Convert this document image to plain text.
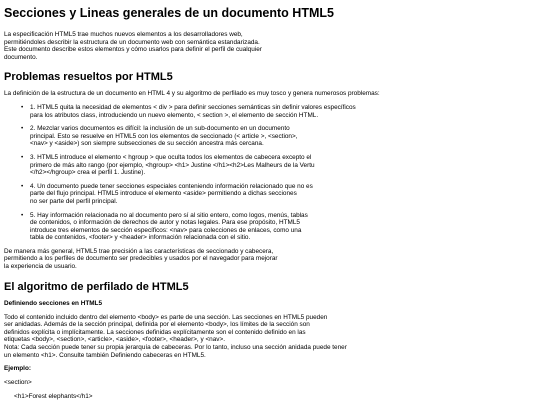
Secciones y Lineas generales de un documento HTML5

La especificación HTML5 trae muchos nuevos elementos a los desarrolladores web,
permitiéndoles describir la estructura de un documento web con semántica estandarizada.
Este documento describe estos elementos y cómo usarlos para definir el perfil de cualquier
documento.

Problemas resueltos por HTML5

La definición de la estructura de un documento en HTML 4 y su algoritmo de perfilado es muy tosco y genera numerosos problemas:

• 1. HTML5 quita la necesidad de elementos < div > para definir secciones semánticas sin definir valores específicos
para los atributos class, introduciendo un nuevo elemento, < section >, el elemento de sección HTML.
• 2. Mezclar varios documentos es difícil: la inclusión de un sub-documento en un documento
principal. Esto se resuelve en HTML5 con los elementos de seccionado (< article >, <section>,
<nav> y <aside>) son siempre subsecciones de su sección ancestra más cercana.
• 3. HTML5 introduce el elemento < hgroup > que oculta todos los elementos de cabecera excepto el
primero de más alto rango (por ejemplo, <hgroup> <h1> Justine </h1><h2>Les Malheurs de la Vertu
</h2></hgroup> crea el perfil 1. Justine).
• 4. Un documento puede tener secciones especiales conteniendo información relacionado que no es
parte del flujo principal. HTML5 introduce el elemento <aside> permitiendo a dichas secciones
no ser parte del perfil principal.
• 5. Hay información relacionada no al documento pero sí al sitio entero, como logos, menús, tablas
de contenidos, o información de derechos de autor y notas legales. Para ese propósito, HTML5
introduce tres elementos de sección específicos: <nav> para colecciones de enlaces, como una
tabla de contenidos, <footer> y <header> información relacionada con el sitio.

De manera más general, HTML5 trae precisión a las características de seccionado y cabecera,
permitiendo a los perfiles de documento ser predecibles y usados por el navegador para mejorar
la experiencia de usuario.

El algoritmo de perfilado de HTML5
Definiendo secciones en HTML5

Todo el contenido incluido dentro del elemento <body> es parte de una sección. Las secciones en HTML5 pueden
ser anidadas. Además de la sección principal, definida por el elemento <body>, los límites de la sección son
definidos explícita o implícitamente. La secciones definidas explícitamente son el contenido definido en las
etiquetas <body>, <section>, <article>, <aside>, <footer>, <header>, y <nav>.
Nota: Cada sección puede tener su propia jerarquía de cabeceras. Por lo tanto, incluso una sección anidada puede tener
un elemento <h1>. Consulte también Definiendo cabeceras en HTML5.

Ejemplo:
<section>
<h1>Forest elephants</h1>
